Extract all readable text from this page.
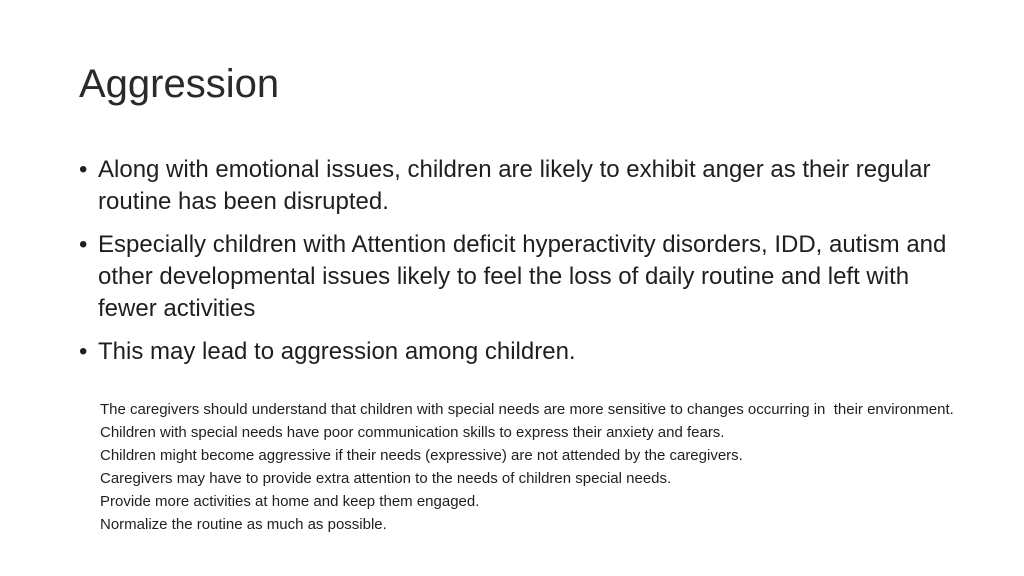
Aggression
• Along with emotional issues, children are likely to exhibit anger as their regular routine has been disrupted.
• Especially children with Attention deficit hyperactivity disorders, IDD, autism and other developmental issues likely to feel the loss of daily routine and left with fewer activities
• This may lead to aggression among children.
The caregivers should understand that children with special needs are more sensitive to changes occurring in  their environment.
Children with special needs have poor communication skills to express their anxiety and fears.
Children might become aggressive if their needs (expressive) are not attended by the caregivers.
Caregivers may have to provide extra attention to the needs of children special needs.
Provide more activities at home and keep them engaged.
Normalize the routine as much as possible.
